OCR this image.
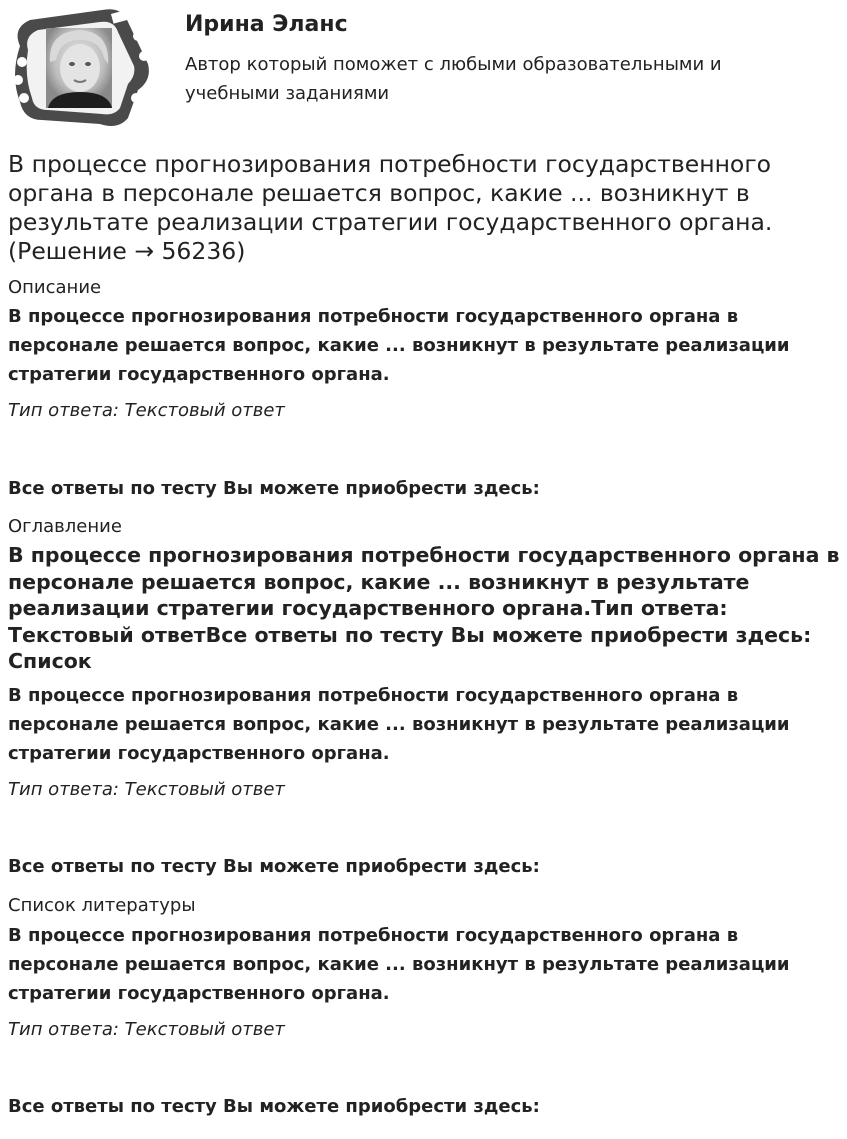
Ирина Эланс
Автор который поможет с любыми образовательными и учебными заданиями
В процессе прогнозирования потребности государственного органа в персонале решается вопрос, какие ... возникнут в результате реализации стратегии государственного органа. (Решение → 56236)
Описание
В процессе прогнозирования потребности государственного органа в персонале решается вопрос, какие ... возникнут в результате реализации стратегии государственного органа.
Тип ответа: Текстовый ответ
Все ответы по тесту Вы можете приобрести здесь:
Оглавление
В процессе прогнозирования потребности государственного органа в персонале решается вопрос, какие ... возникнут в результате реализации стратегии государственного органа.Тип ответа: Текстовый ответВсе ответы по тесту Вы можете приобрести здесь: Список
В процессе прогнозирования потребности государственного органа в персонале решается вопрос, какие ... возникнут в результате реализации стратегии государственного органа.
Тип ответа: Текстовый ответ
Все ответы по тесту Вы можете приобрести здесь:
Список литературы
В процессе прогнозирования потребности государственного органа в персонале решается вопрос, какие ... возникнут в результате реализации стратегии государственного органа.
Тип ответа: Текстовый ответ
Все ответы по тесту Вы можете приобрести здесь:
